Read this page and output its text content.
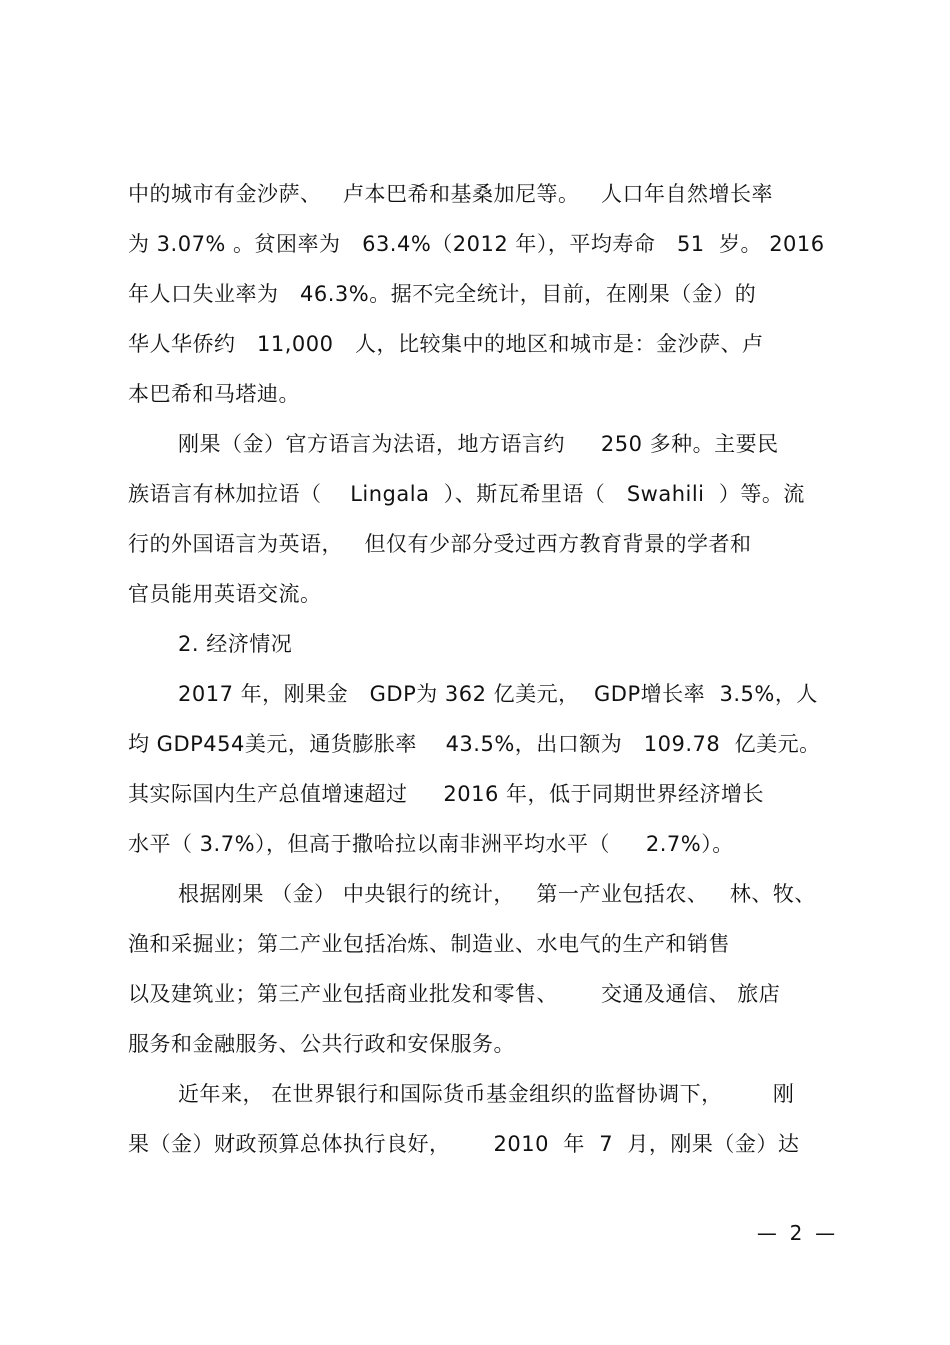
中的城市有金沙萨、   卢本巴希和基桑加尼等。   人口年自然增长率
为 3.07% 。贫困率为   63.4%（2012 年），平均寿命   51  岁。 2016
年人口失业率为   46.3%。据不完全统计，目前，在刚果（金）的
华人华侨约   11,000   人，比较集中的地区和城市是：金沙萨、卢
本巴希和马塔迪。
刚果（金）官方语言为法语，地方语言约     250 多种。主要民
族语言有林加拉语（    Lingala  ）、斯瓦希里语（   Swahili  ）等。流
行的外国语言为英语，   但仅有少部分受过西方教育背景的学者和
官员能用英语交流。
2. 经济情况
2017 年，刚果金   GDP为 362 亿美元，  GDP增长率  3.5%，人
均 GDP454美元，通货膨胀率    43.5%，出口额为   109.78  亿美元。
其实际国内生产总值增速超过     2016 年，低于同期世界经济增长
水平（ 3.7%），但高于撒哈拉以南非洲平均水平（     2.7%）。
根据刚果 （金） 中央银行的统计，   第一产业包括农、   林、牧、
渔和采掘业；第二产业包括冶炼、制造业、水电气的生产和销售
以及建筑业；第三产业包括商业批发和零售、      交通及通信、 旅店
服务和金融服务、公共行政和安保服务。
近年来， 在世界银行和国际货币基金组织的监督协调下，       刚
果（金）财政预算总体执行良好，      2010  年  7  月，刚果（金）达
—  2  —
